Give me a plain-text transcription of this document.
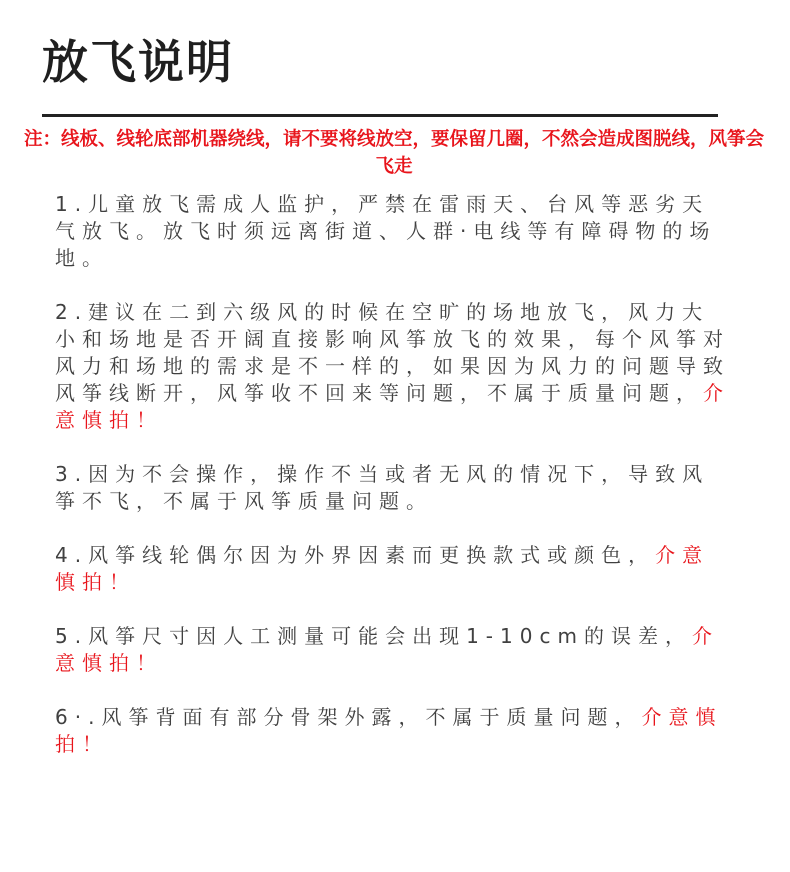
放飞说明
注：线板、线轮底部机器绕线，请不要将线放空，要保留几圈，不然会造成图脱线，风筝会飞走
1.儿童放飞需成人监护，严禁在雷雨天、台风等恶劣天气放飞。放飞时须远离街道、人群·电线等有障碍物的场地。
2.建议在二到六级风的时候在空旷的场地放飞，风力大小和场地是否开阔直接影响风筝放飞的效果，每个风筝对风力和场地的需求是不一样的，如果因为风力的问题导致风筝线断开，风筝收不回来等问题，不属于质量问题，介意慎拍！
3.因为不会操作，操作不当或者无风的情况下，导致风筝不飞，不属于风筝质量问题。
4.风筝线轮偶尔因为外界因素而更换款式或颜色，介意慎拍！
5.风筝尺寸因人工测量可能会出现1-10cm的误差，介意慎拍！
6·.风筝背面有部分骨架外露，不属于质量问题，介意慎拍！
